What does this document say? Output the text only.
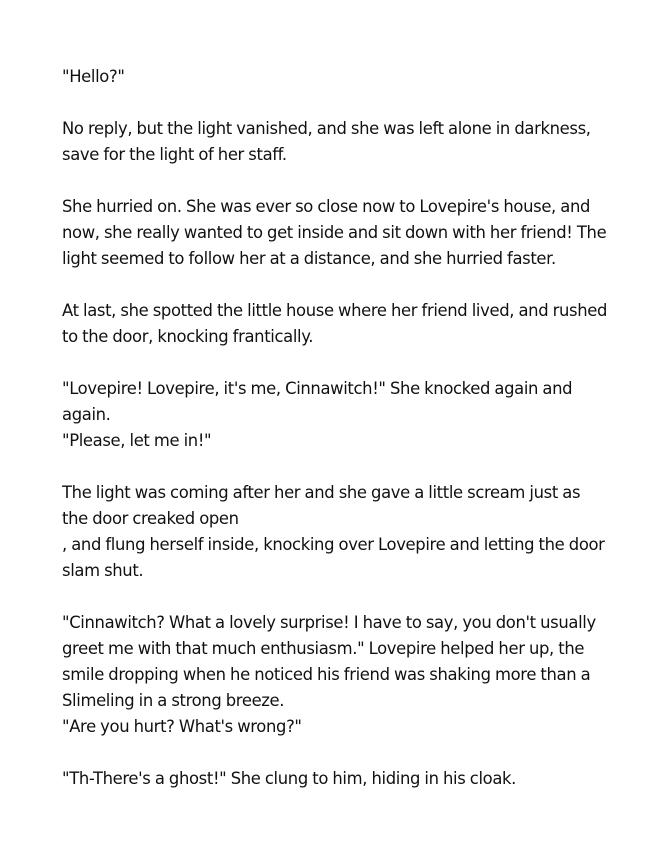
"Hello?"

No reply, but the light vanished, and she was left alone in darkness, save for the light of her staff.

She hurried on. She was ever so close now to Lovepire's house, and now, she really wanted to get inside and sit down with her friend! The light seemed to follow her at a distance, and she hurried faster.

At last, she spotted the little house where her friend lived, and rushed to the door, knocking frantically.

"Lovepire! Lovepire, it's me, Cinnawitch!" She knocked again and again.
"Please, let me in!"

The light was coming after her and she gave a little scream just as the door creaked open
, and flung herself inside, knocking over Lovepire and letting the door slam shut.

"Cinnawitch? What a lovely surprise! I have to say, you don't usually greet me with that much enthusiasm." Lovepire helped her up, the smile dropping when he noticed his friend was shaking more than a Slimeling in a strong breeze.
"Are you hurt? What's wrong?"

"Th-There's a ghost!" She clung to him, hiding in his cloak.
